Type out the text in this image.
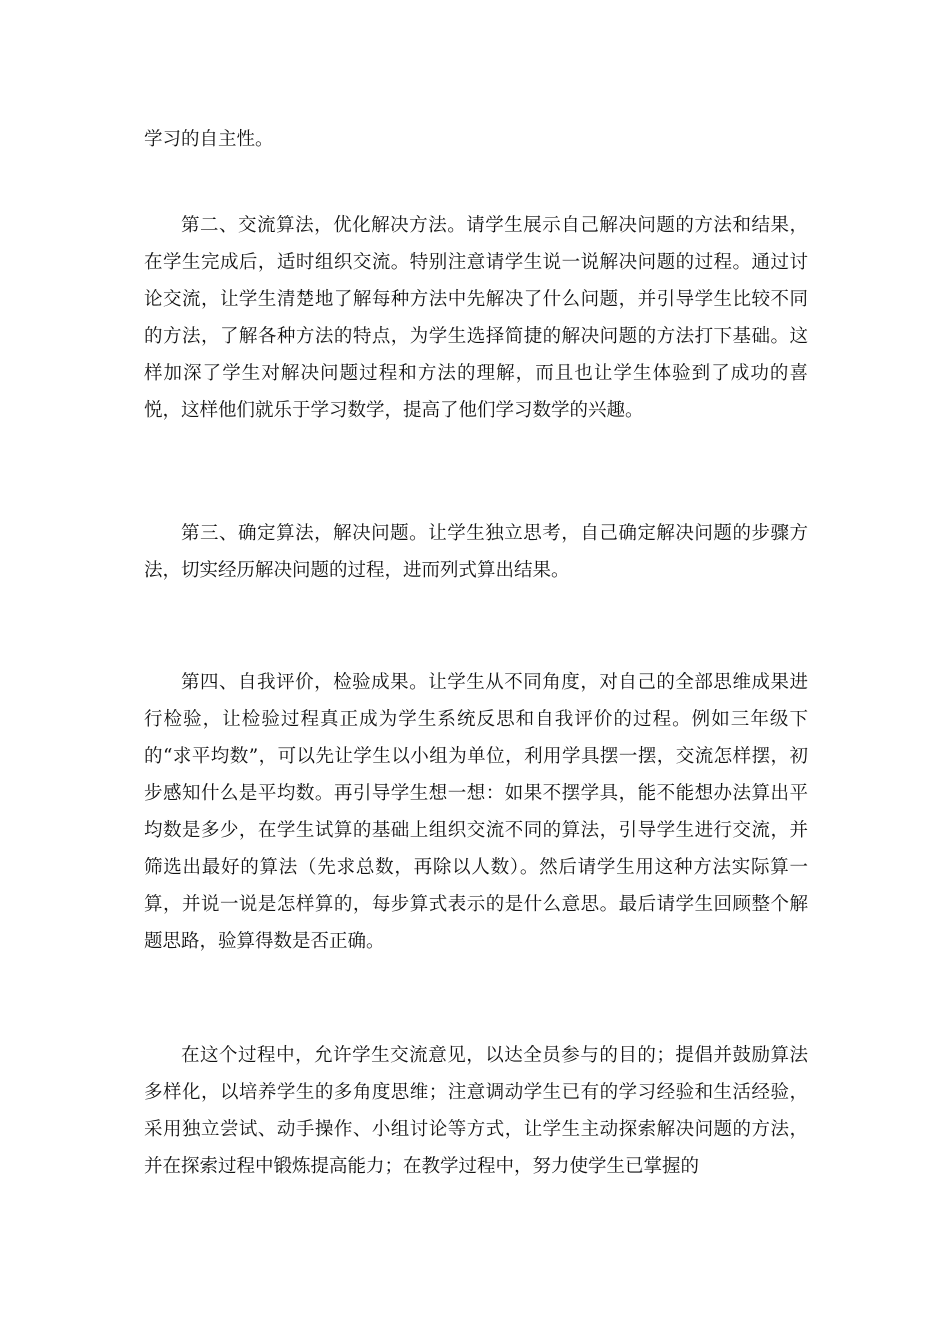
学习的自主性。

第二、交流算法，优化解决方法。请学生展示自己解决问题的方法和结果，在学生完成后，适时组织交流。特别注意请学生说一说解决问题的过程。通过讨论交流，让学生清楚地了解每种方法中先解决了什么问题，并引导学生比较不同的方法，了解各种方法的特点，为学生选择简捷的解决问题的方法打下基础。这样加深了学生对解决问题过程和方法的理解，而且也让学生体验到了成功的喜悦，这样他们就乐于学习数学，提高了他们学习数学的兴趣。

第三、确定算法，解决问题。让学生独立思考，自己确定解决问题的步骤方法，切实经历解决问题的过程，进而列式算出结果。

第四、自我评价，检验成果。让学生从不同角度，对自己的全部思维成果进行检验，让检验过程真正成为学生系统反思和自我评价的过程。例如三年级下的“求平均数”，可以先让学生以小组为单位，利用学具摆一摆，交流怎样摆，初步感知什么是平均数。再引导学生想一想：如果不摆学具，能不能想办法算出平均数是多少，在学生试算的基础上组织交流不同的算法，引导学生进行交流，并筛选出最好的算法（先求总数，再除以人数）。然后请学生用这种方法实际算一算，并说一说是怎样算的，每步算式表示的是什么意思。最后请学生回顾整个解题思路，验算得数是否正确。

在这个过程中，允许学生交流意见，以达全员参与的目的；提倡并鼓励算法多样化，以培养学生的多角度思维；注意调动学生已有的学习经验和生活经验，采用独立尝试、动手操作、小组讨论等方式，让学生主动探索解决问题的方法，并在探索过程中锻炼提高能力；在教学过程中，努力使学生已掌握的
